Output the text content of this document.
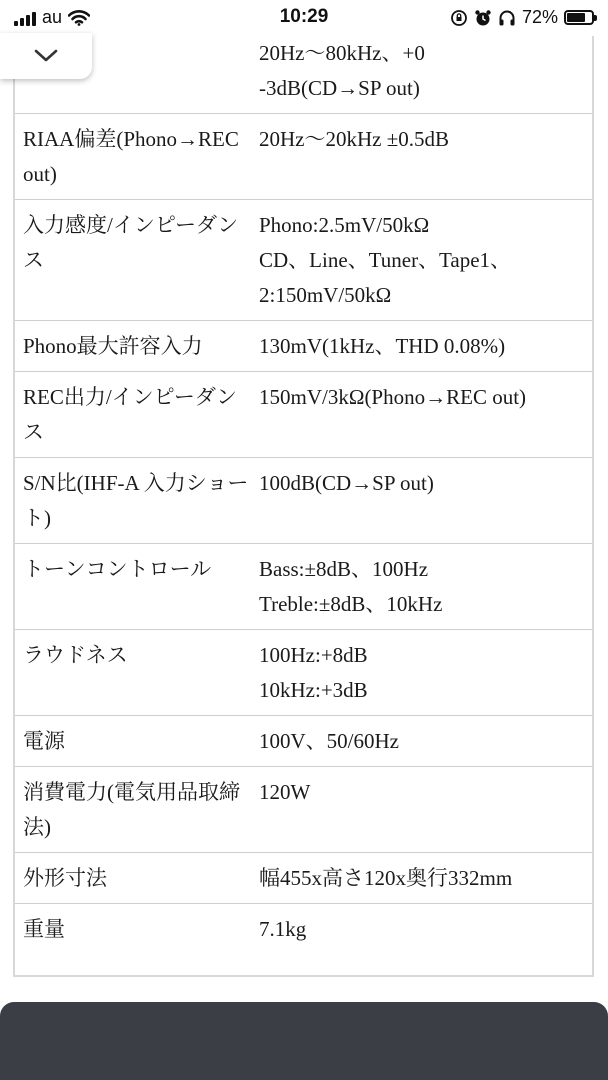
au	10:29	72%

20Hz〜80kHz、+0
-3dB(CD→SP out)

RIAA偏差(Phono→REC out)	20Hz〜20kHz ±0.5dB

入力感度/インピーダンス	Phono:2.5mV/50kΩ
CD、Line、Tuner、Tape1、
2:150mV/50kΩ

Phono最大許容入力	130mV(1kHz、THD 0.08%)

REC出力/インピーダンス	150mV/3kΩ(Phono→REC out)

S/N比(IHF-A 入力ショート)	100dB(CD→SP out)

トーンコントロール	Bass:±8dB、100Hz
Treble:±8dB、10kHz

ラウドネス	100Hz:+8dB
10kHz:+3dB

電源	100V、50/60Hz

消費電力(電気用品取締法)	120W

外形寸法	幅455x高さ120x奥行332mm

重量	7.1kg
